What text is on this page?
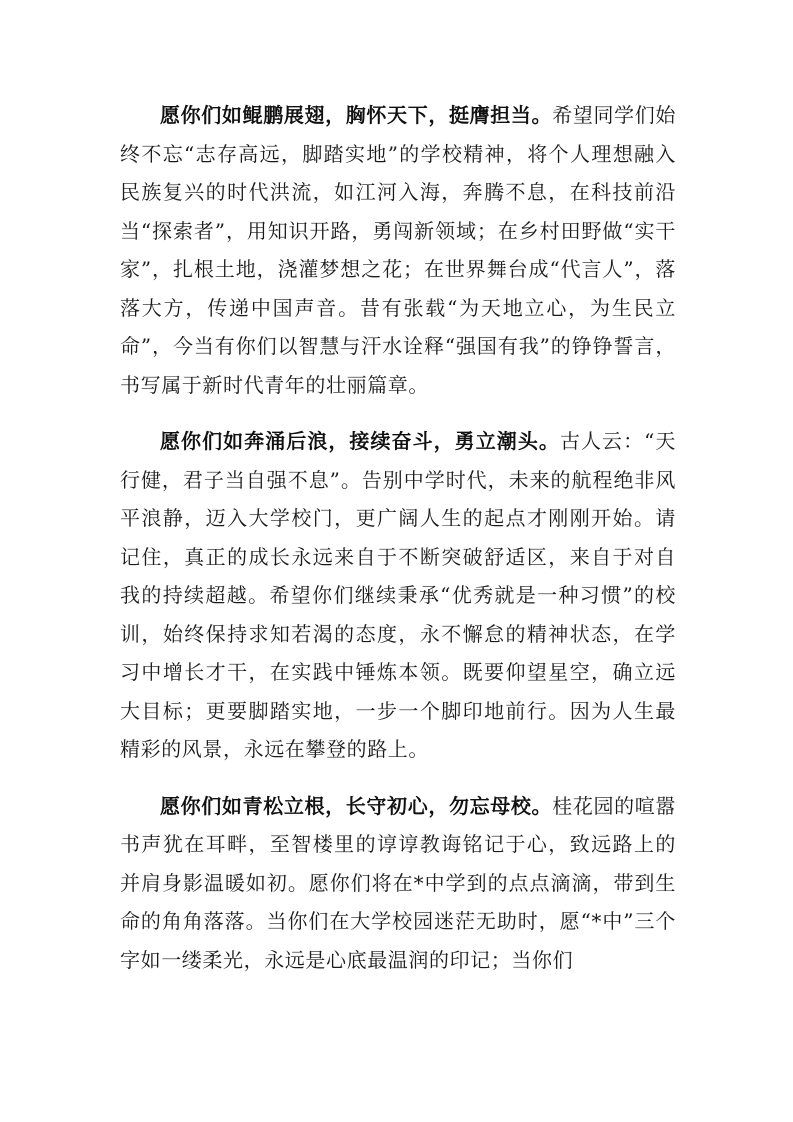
愿你们如鲲鹏展翅，胸怀天下，挺膺担当。希望同学们始终不忘“志存高远，脚踏实地”的学校精神，将个人理想融入民族复兴的时代洪流，如江河入海，奔腾不息，在科技前沿当“探索者”，用知识开路，勇闯新领域；在乡村田野做“实干家”，扎根土地，浇灌梦想之花；在世界舞台成“代言人”，落落大方，传递中国声音。昔有张载“为天地立心，为生民立命”，今当有你们以智慧与汗水诠释“强国有我”的铮铮誓言，书写属于新时代青年的壮丽篇章。

愿你们如奔涌后浪，接续奋斗，勇立潮头。古人云：“天行健，君子当自强不息”。告别中学时代，未来的航程绝非风平浪静，迈入大学校门，更广阔人生的起点才刚刚开始。请记住，真正的成长永远来自于不断突破舒适区，来自于对自我的持续超越。希望你们继续秉承“优秀就是一种习惯”的校训，始终保持求知若渴的态度，永不懈怠的精神状态，在学习中增长才干，在实践中锤炼本领。既要仰望星空，确立远大目标；更要脚踏实地，一步一个脚印地前行。因为人生最精彩的风景，永远在攀登的路上。

愿你们如青松立根，长守初心，勿忘母校。桂花园的喧嚣书声犹在耳畔，至智楼里的谆谆教诲铭记于心，致远路上的并肩身影温暖如初。愿你们将在*中学到的点点滴滴，带到生命的角角落落。当你们在大学校园迷茫无助时，愿“*中”三个字如一缕柔光，永远是心底最温润的印记；当你们
